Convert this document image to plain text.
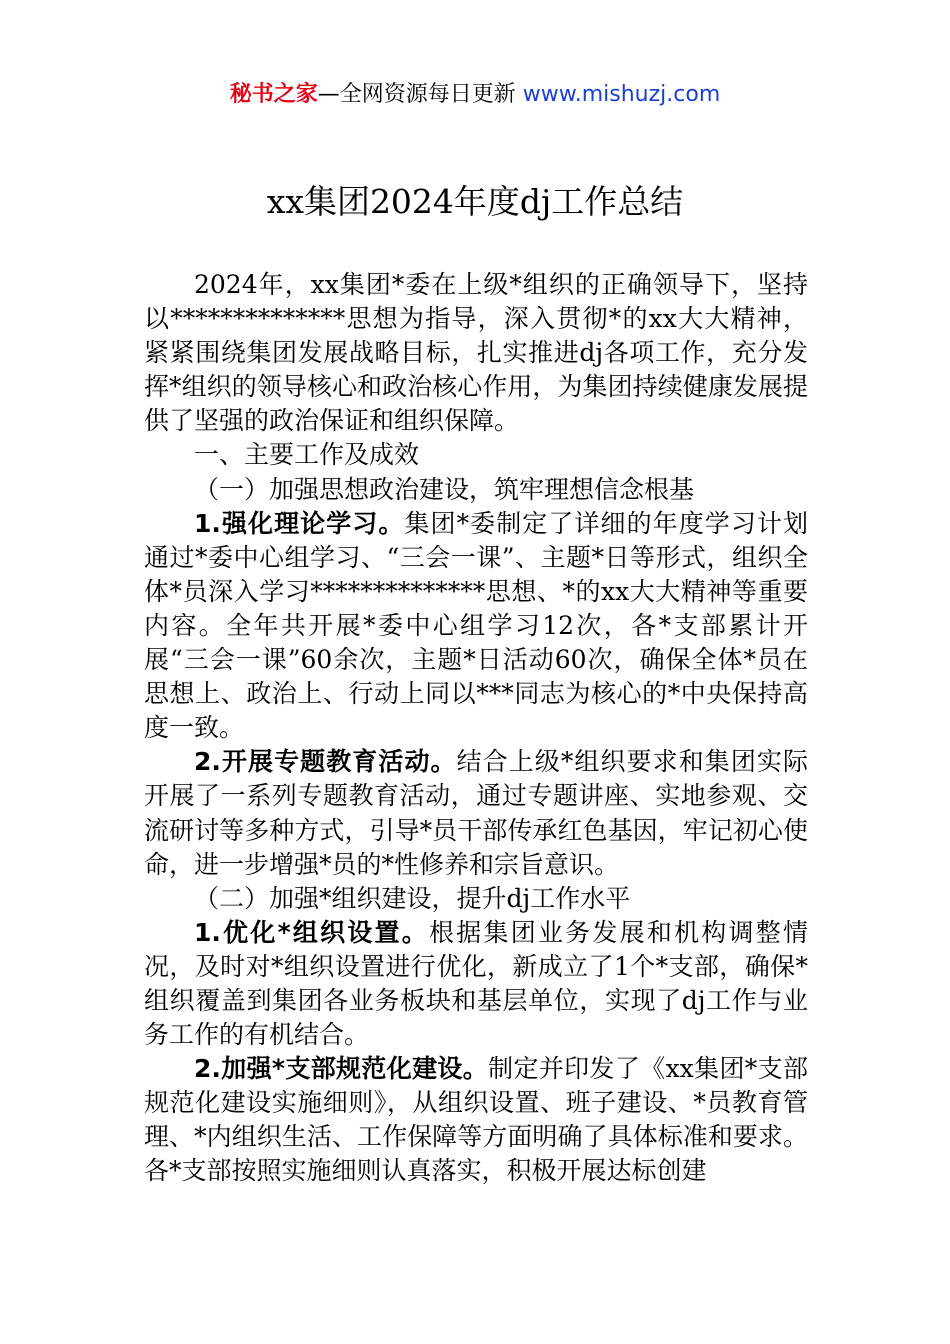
秘书之家—全网资源每日更新 www.mishuzj.com
xx集团2024年度dj工作总结

2024年，xx集团*委在上级*组织的正确领导下，坚持以**************思想为指导，深入贯彻*的xx大大精神，紧紧围绕集团发展战略目标，扎实推进dj各项工作，充分发挥*组织的领导核心和政治核心作用，为集团持续健康发展提供了坚强的政治保证和组织保障。

一、主要工作及成效

（一）加强思想政治建设，筑牢理想信念根基

1.强化理论学习。集团*委制定了详细的年度学习计划通过*委中心组学习、“三会一课”、主题*日等形式，组织全体*员深入学习**************思想、*的xx大大精神等重要内容。全年共开展*委中心组学习12次，各*支部累计开展“三会一课”60余次，主题*日活动60次，确保全体*员在思想上、政治上、行动上同以***同志为核心的*中央保持高度一致。

2.开展专题教育活动。结合上级*组织要求和集团实际开展了一系列专题教育活动，通过专题讲座、实地参观、交流研讨等多种方式，引导*员干部传承红色基因，牢记初心使命，进一步增强*员的*性修养和宗旨意识。

（二）加强*组织建设，提升dj工作水平

1.优化*组织设置。根据集团业务发展和机构调整情况，及时对*组织设置进行优化，新成立了1个*支部，确保*组织覆盖到集团各业务板块和基层单位，实现了dj工作与业务工作的有机结合。

2.加强*支部规范化建设。制定并印发了《xx集团*支部规范化建设实施细则》，从组织设置、班子建设、*员教育管理、*内组织生活、工作保障等方面明确了具体标准和要求。各*支部按照实施细则认真落实，积极开展达标创建
